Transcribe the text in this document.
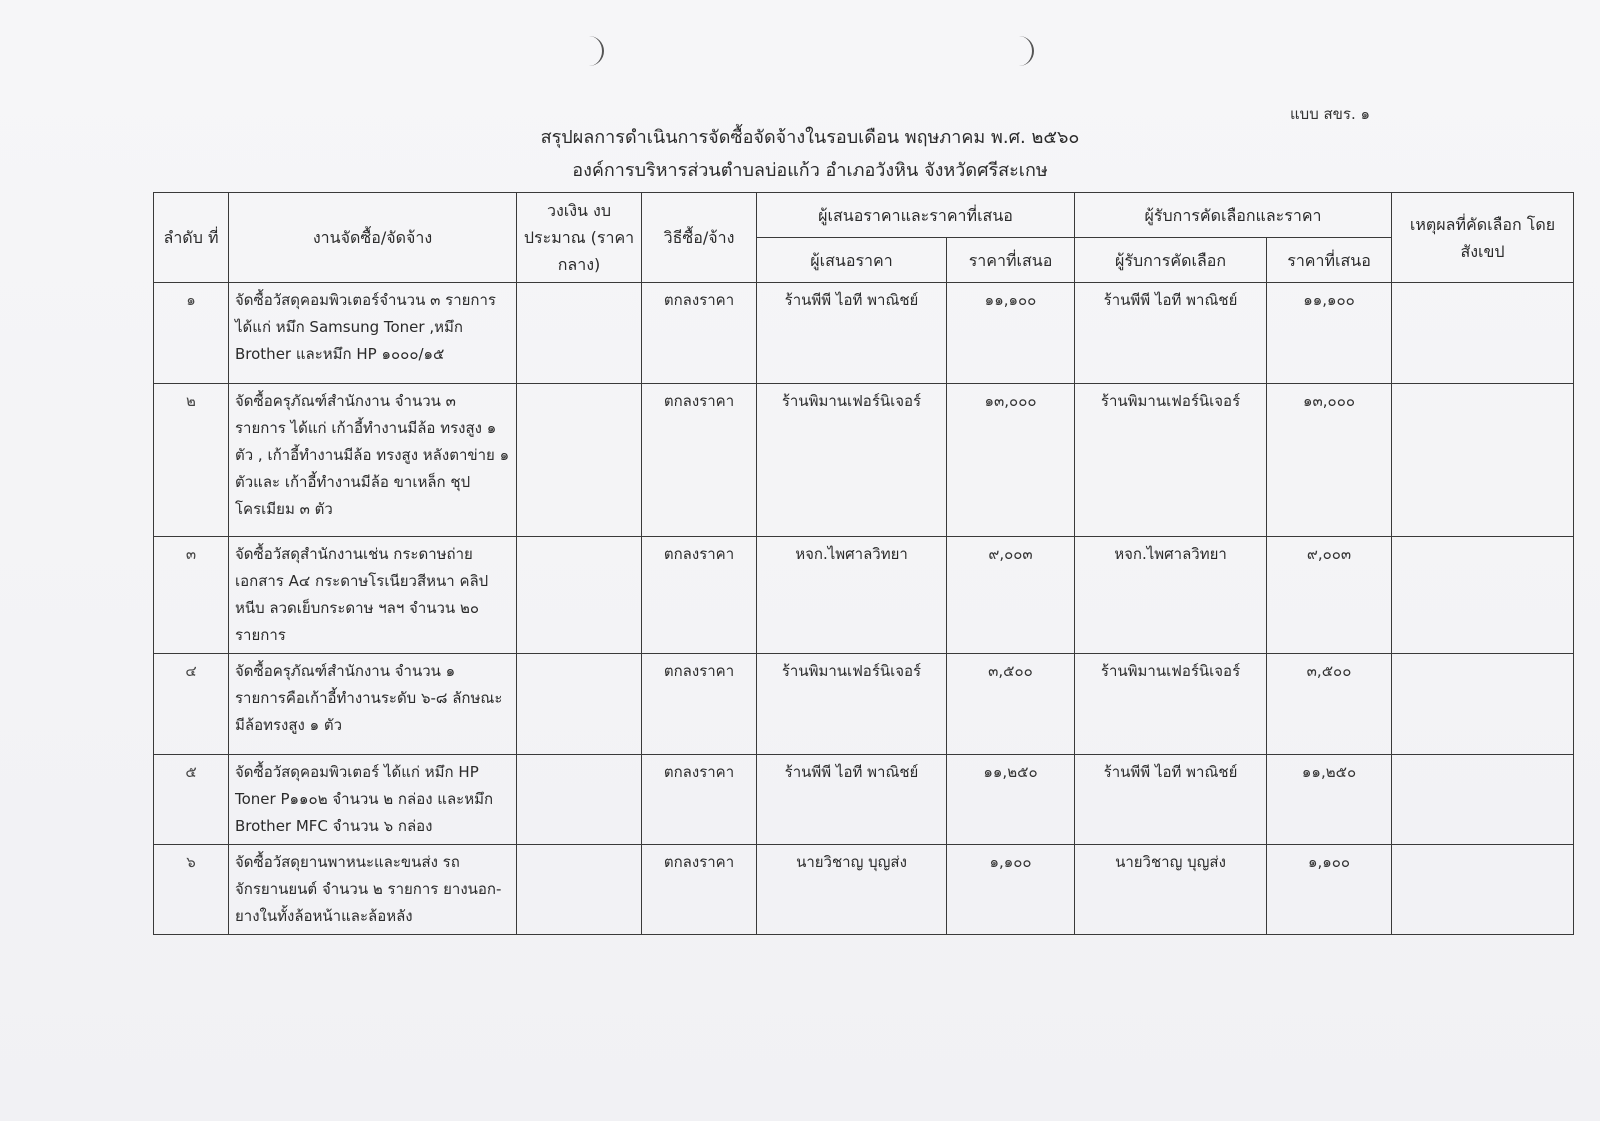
แบบ สขร. ๑
สรุปผลการดำเนินการจัดซื้อจัดจ้างในรอบเดือน พฤษภาคม พ.ศ. ๒๕๖๐
องค์การบริหารส่วนตำบลบ่อแก้ว อำเภอวังหิน จังหวัดศรีสะเกษ
ลำดับ ที่	งานจัดซื้อ/จัดจ้าง	วงเงิน งบประมาณ (ราคากลาง)	วิธีซื้อ/จ้าง	ผู้เสนอราคาและราคาที่เสนอ		ผู้รับการคัดเลือกและราคา		เหตุผลที่คัดเลือก โดยสังเขป
				ผู้เสนอราคา	ราคาที่เสนอ	ผู้รับการคัดเลือก	ราคาที่เสนอ	
๑	จัดซื้อวัสดุคอมพิวเตอร์จำนวน ๓ รายการ ได้แก่ หมึก Samsung Toner ,หมึก Brother และหมึก HP ๑๐๐๐/๑๕		ตกลงราคา	ร้านพีพี ไอที พาณิชย์	๑๑,๑๐๐	ร้านพีพี ไอที พาณิชย์	๑๑,๑๐๐	
๒	จัดซื้อครุภัณฑ์สำนักงาน จำนวน ๓ รายการ ได้แก่ เก้าอี้ทำงานมีล้อ ทรงสูง ๑ ตัว , เก้าอี้ทำงานมีล้อ ทรงสูง หลังตาข่าย ๑ ตัวและ เก้าอี้ทำงานมีล้อ ขาเหล็ก ชุปโครเมียม ๓ ตัว		ตกลงราคา	ร้านพิมานเฟอร์นิเจอร์	๑๓,๐๐๐	ร้านพิมานเฟอร์นิเจอร์	๑๓,๐๐๐	
๓	จัดซื้อวัสดุสำนักงานเช่น กระดาษถ่ายเอกสาร A๔ กระดาษโรเนียวสีหนา คลิปหนีบ ลวดเย็บกระดาษ ฯลฯ จำนวน ๒๐ รายการ		ตกลงราคา	หจก.ไพศาลวิทยา	๙,๐๐๓	หจก.ไพศาลวิทยา	๙,๐๐๓	
๔	จัดซื้อครุภัณฑ์สำนักงาน จำนวน ๑ รายการคือเก้าอี้ทำงานระดับ ๖-๘ ลักษณะมีล้อทรงสูง ๑ ตัว		ตกลงราคา	ร้านพิมานเฟอร์นิเจอร์	๓,๕๐๐	ร้านพิมานเฟอร์นิเจอร์	๓,๕๐๐	
๕	จัดซื้อวัสดุคอมพิวเตอร์ ได้แก่ หมึก HP Toner P๑๑๐๒ จำนวน ๒ กล่อง และหมึก Brother MFC จำนวน ๖ กล่อง		ตกลงราคา	ร้านพีพี ไอที พาณิชย์	๑๑,๒๕๐	ร้านพีพี ไอที พาณิชย์	๑๑,๒๕๐	
๖	จัดซื้อวัสดุยานพาหนะและขนส่ง รถจักรยานยนต์ จำนวน ๒ รายการ ยางนอก-ยางในทั้งล้อหน้าและล้อหลัง		ตกลงราคา	นายวิชาญ บุญส่ง	๑,๑๐๐	นายวิชาญ บุญส่ง	๑,๑๐๐	
